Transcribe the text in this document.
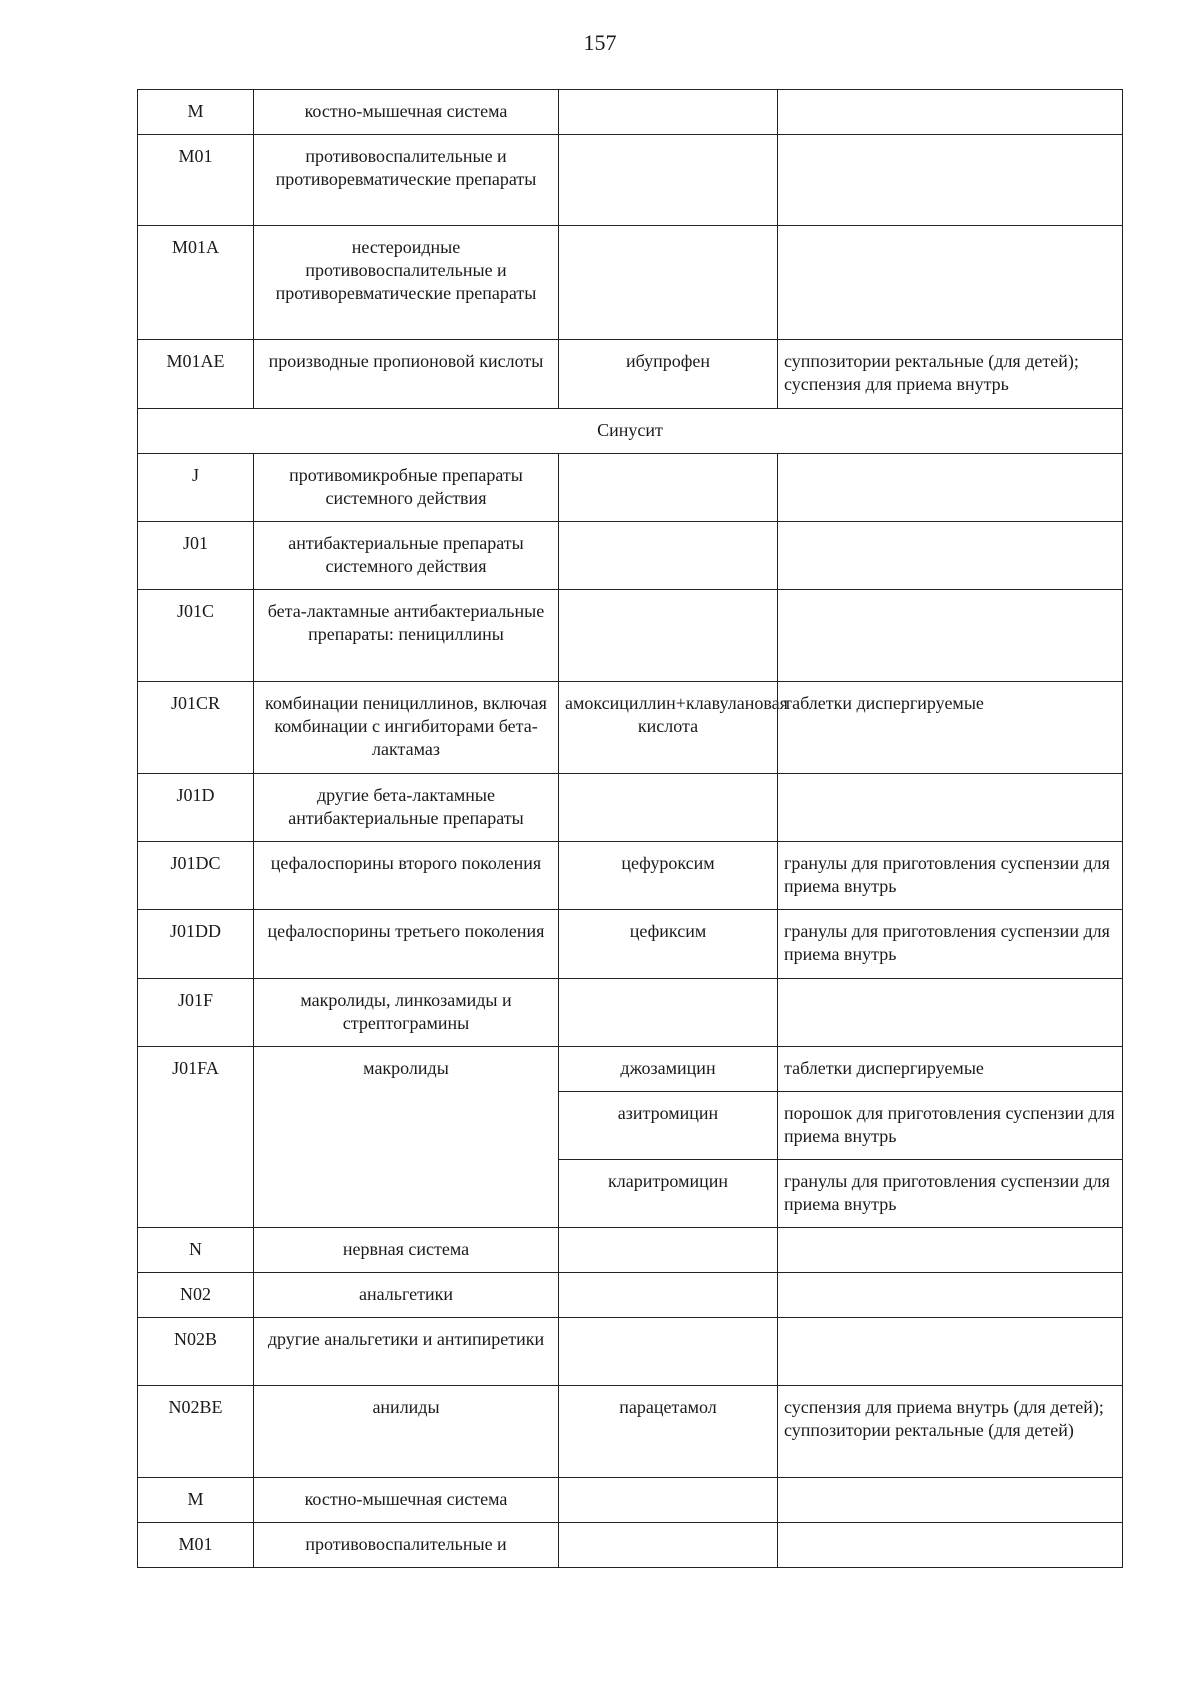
157
M	костно-мышечная система		
M01	противовоспалительные и противоревматические препараты		
M01A	нестероидные противовоспалительные и противоревматические препараты		
M01AE	производные пропионовой кислоты	ибупрофен	суппозитории ректальные (для детей); суспензия для приема внутрь
Синусит			
J	противомикробные препараты системного действия		
J01	антибактериальные препараты системного действия		
J01C	бета-лактамные антибактериальные препараты: пенициллины		
J01CR	комбинации пенициллинов, включая комбинации с ингибиторами бета-лактамаз	амоксициллин+клавулановая кислота	таблетки диспергируемые
J01D	другие бета-лактамные антибактериальные препараты		
J01DC	цефалоспорины второго поколения	цефуроксим	гранулы для приготовления суспензии для приема внутрь
J01DD	цефалоспорины третьего поколения	цефиксим	гранулы для приготовления суспензии для приема внутрь
J01F	макролиды, линкозамиды и стрептограмины		
J01FA	макролиды	джозамицин	таблетки диспергируемые
		азитромицин	порошок для приготовления суспензии для приема внутрь
		кларитромицин	гранулы для приготовления суспензии для приема внутрь
N	нервная система		
N02	анальгетики		
N02B	другие анальгетики и антипиретики		
N02BE	анилиды	парацетамол	суспензия для приема внутрь (для детей); суппозитории ректальные (для детей)
M	костно-мышечная система		
M01	противовоспалительные и		
